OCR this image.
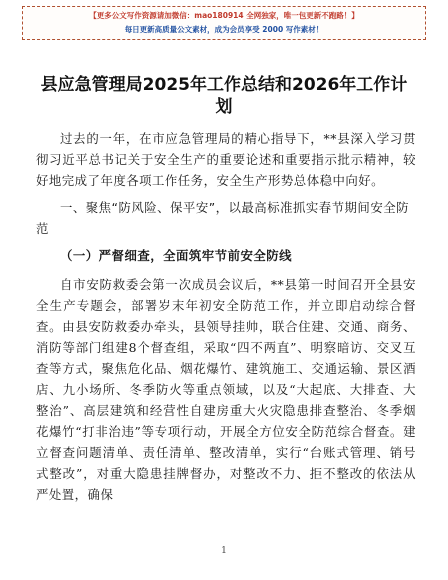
【更多公文写作资源请加微信：mao180914 全网独家，唯一包更新不跑路！】
每日更新高质量公文素材，成为会员享受 2000 写作素材！
县应急管理局2025年工作总结和2026年工作计划

过去的一年，在市应急管理局的精心指导下，**县深入学习贯彻习近平总书记关于安全生产的重要论述和重要指示批示精神，较好地完成了年度各项工作任务，安全生产形势总体稳中向好。

一、聚焦“防风险、保平安”，以最高标准抓实春节期间安全防范

（一）严督细查，全面筑牢节前安全防线

自市安防救委会第一次成员会议后，**县第一时间召开全县安全生产专题会，部署岁末年初安全防范工作，并立即启动综合督查。由县安防救委办牵头，县领导挂帅，联合住建、交通、商务、消防等部门组建8个督查组，采取“四不两直”、明察暗访、交叉互查等方式，聚焦危化品、烟花爆竹、建筑施工、交通运输、景区酒店、九小场所、冬季防火等重点领域，以及“大起底、大排查、大整治”、高层建筑和经营性自建房重大火灾隐患排查整治、冬季烟花爆竹“打非治违”等专项行动，开展全方位安全防范综合督查。建立督查问题清单、责任清单、整改清单，实行“台账式管理、销号式整改”，对重大隐患挂牌督办，对整改不力、拒不整改的依法从严处置，确保

1
